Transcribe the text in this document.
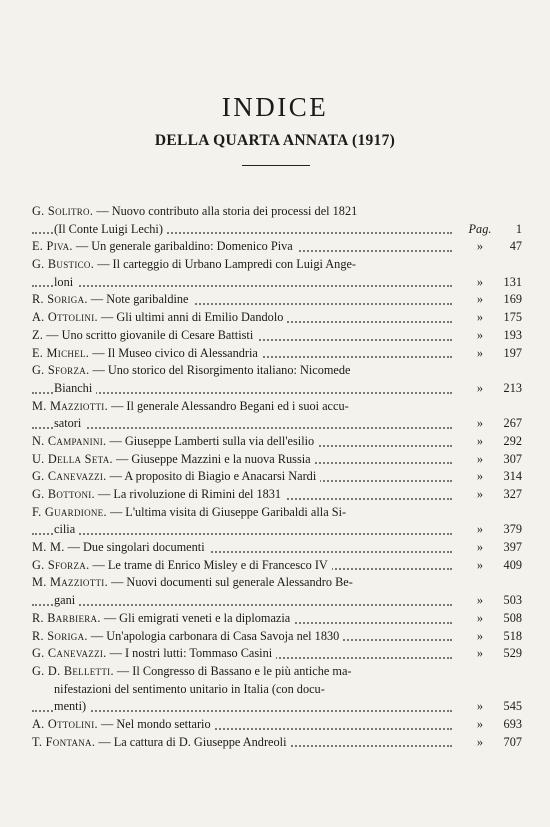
INDICE
DELLA QUARTA ANNATA (1917)
G. Solitro. — Nuovo contributo alla storia dei processi del 1821
(Il Conte Luigi Lechi)	Pag.	1
E. Piva. — Un generale garibaldino: Domenico Piva	»	47
G. Bustico. — Il carteggio di Urbano Lampredi con Luigi Ange-
loni	»	131
R. Soriga. — Note garibaldine	»	169
A. Ottolini. — Gli ultimi anni di Emilio Dandolo	»	175
Z. — Uno scritto giovanile di Cesare Battisti	»	193
E. Michel. — Il Museo civico di Alessandria	»	197
G. Sforza. — Uno storico del Risorgimento italiano: Nicomede
Bianchi	»	213
M. Mazziotti. — Il generale Alessandro Begani ed i suoi accu-
satori	»	267
N. Campanini. — Giuseppe Lamberti sulla via dell'esilio	»	292
U. Della Seta. — Giuseppe Mazzini e la nuova Russia	»	307
G. Canevazzi. — A proposito di Biagio e Anacarsi Nardi	»	314
G. Bottoni. — La rivoluzione di Rimini del 1831	»	327
F. Guardione. — L'ultima visita di Giuseppe Garibaldi alla Si-
cilia	»	379
M. M. — Due singolari documenti	»	397
G. Sforza. — Le trame di Enrico Misley e di Francesco IV	»	409
M. Mazziotti. — Nuovi documenti sul generale Alessandro Be-
gani	»	503
R. Barbiera. — Gli emigrati veneti e la diplomazia	»	508
R. Soriga. — Un'apologia carbonara di Casa Savoja nel 1830	»	518
G. Canevazzi. — I nostri lutti: Tommaso Casini	»	529
G. D. Belletti. — Il Congresso di Bassano e le più antiche ma-
nifestazioni del sentimento unitario in Italia (con docu-
menti)	»	545
A. Ottolini. — Nel mondo settario	»	693
T. Fontana. — La cattura di D. Giuseppe Andreoli	»	707
